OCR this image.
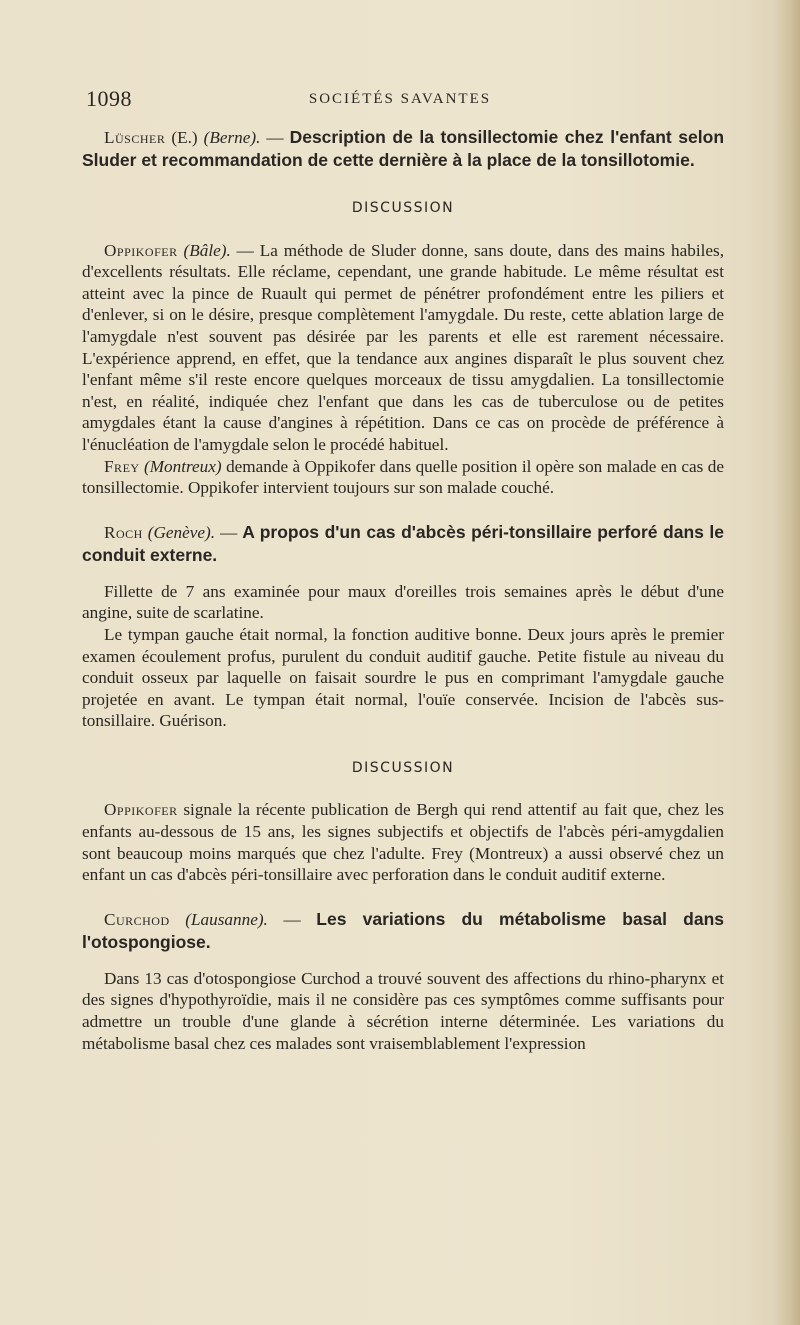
1098	SOCIÉTÉS SAVANTES

Lüscher (E.) (Berne). — Description de la tonsillectomie chez l'enfant selon Sluder et recommandation de cette dernière à la place de la tonsillotomie.

DISCUSSION

Oppikofer (Bâle). — La méthode de Sluder donne, sans doute, dans des mains habiles, d'excellents résultats. Elle réclame, cependant, une grande habitude. Le même résultat est atteint avec la pince de Ruault qui permet de pénétrer profondément entre les piliers et d'enlever, si on le désire, presque complètement l'amygdale. Du reste, cette ablation large de l'amygdale n'est souvent pas désirée par les parents et elle est rarement nécessaire. L'expérience apprend, en effet, que la tendance aux angines disparaît le plus souvent chez l'enfant même s'il reste encore quelques morceaux de tissu amygdalien. La tonsillectomie n'est, en réalité, indiquée chez l'enfant que dans les cas de tuberculose ou de petites amygdales étant la cause d'angines à répétition. Dans ce cas on procède de préférence à l'énucléation de l'amygdale selon le procédé habituel.

Frey (Montreux) demande à Oppikofer dans quelle position il opère son malade en cas de tonsillectomie. Oppikofer intervient toujours sur son malade couché.

Roch (Genève). — A propos d'un cas d'abcès péri-tonsillaire perforé dans le conduit externe.

Fillette de 7 ans examinée pour maux d'oreilles trois semaines après le début d'une angine, suite de scarlatine.

Le tympan gauche était normal, la fonction auditive bonne. Deux jours après le premier examen écoulement profus, purulent du conduit auditif gauche. Petite fistule au niveau du conduit osseux par laquelle on faisait sourdre le pus en comprimant l'amygdale gauche projetée en avant. Le tympan était normal, l'ouïe conservée. Incision de l'abcès sus-tonsillaire. Guérison.

DISCUSSION

Oppikofer signale la récente publication de Bergh qui rend attentif au fait que, chez les enfants au-dessous de 15 ans, les signes subjectifs et objectifs de l'abcès péri-amygdalien sont beaucoup moins marqués que chez l'adulte. Frey (Montreux) a aussi observé chez un enfant un cas d'abcès péri-tonsillaire avec perforation dans le conduit auditif externe.

Curchod (Lausanne). — Les variations du métabolisme basal dans l'otospongiose.

Dans 13 cas d'otospongiose Curchod a trouvé souvent des affections du rhino-pharynx et des signes d'hypothyroïdie, mais il ne considère pas ces symptômes comme suffisants pour admettre un trouble d'une glande à sécrétion interne déterminée. Les variations du métabolisme basal chez ces malades sont vraisemblablement l'expression
